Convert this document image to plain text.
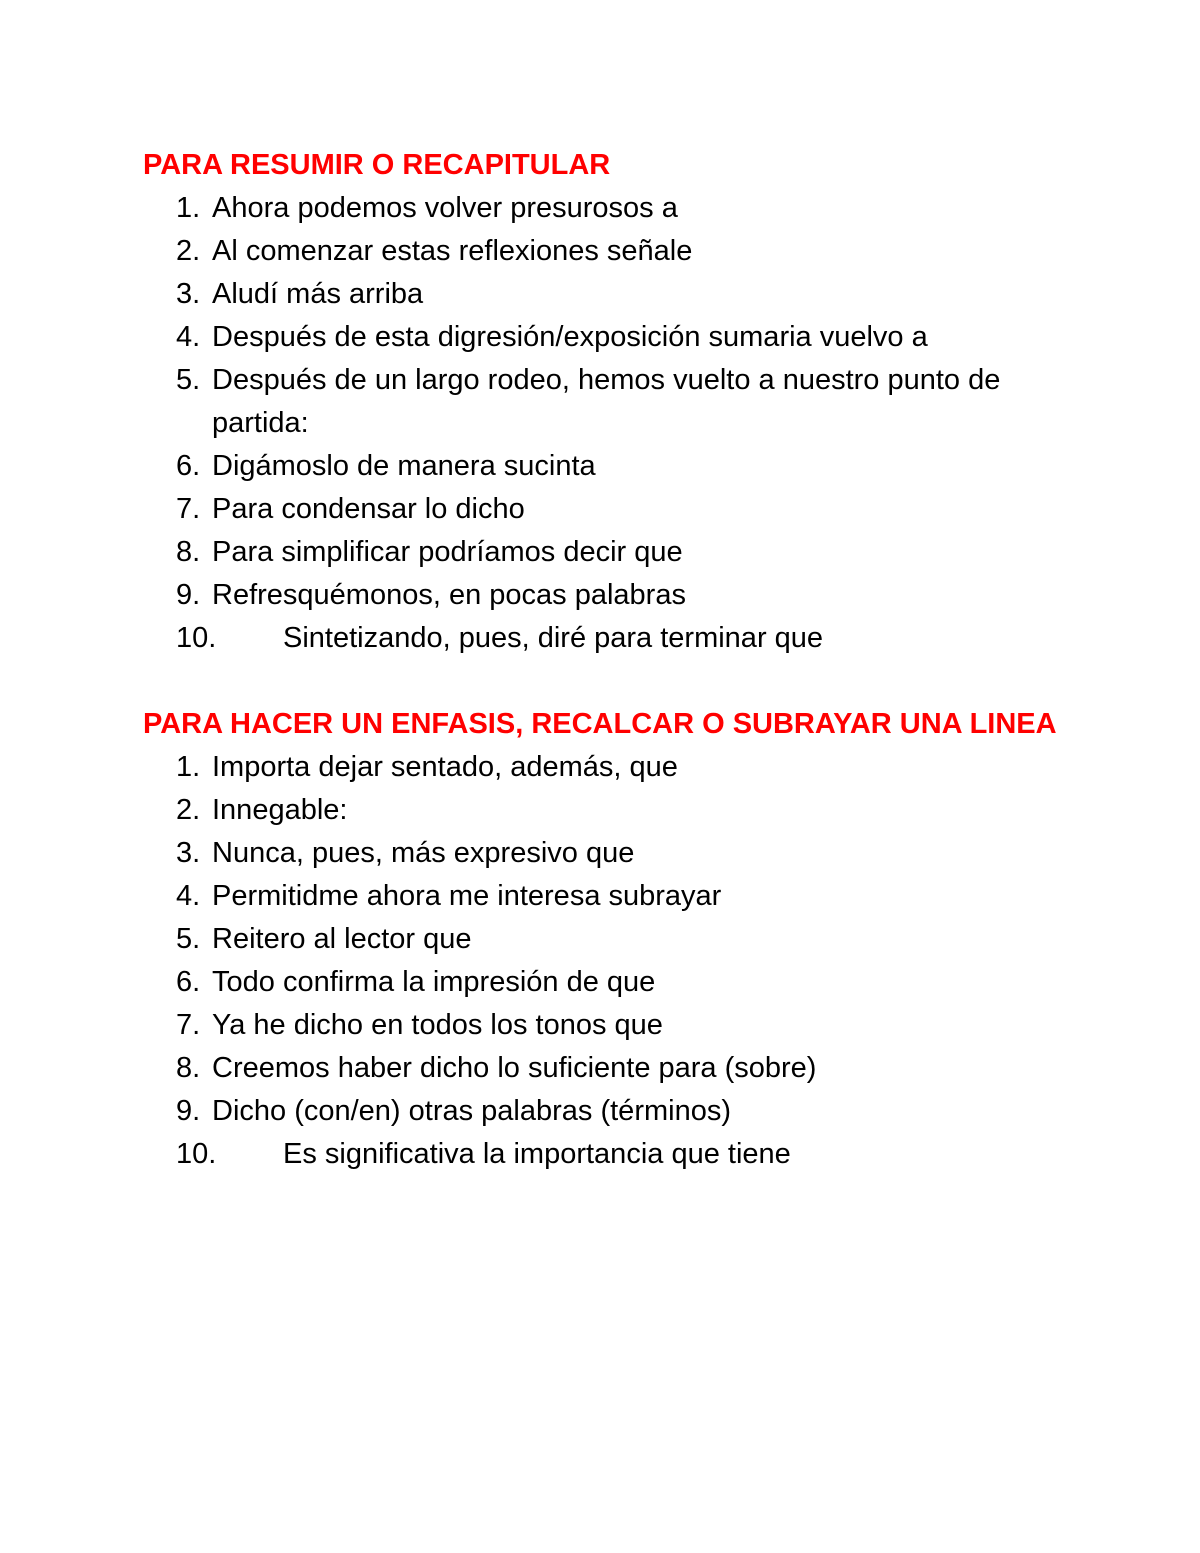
PARA RESUMIR O RECAPITULAR
1. Ahora podemos volver presurosos a
2. Al comenzar estas reflexiones señale
3. Aludí más arriba
4. Después de esta digresión/exposición sumaria vuelvo a
5. Después de un largo rodeo, hemos vuelto a nuestro punto de partida:
6. Digámoslo de manera sucinta
7. Para condensar lo dicho
8. Para simplificar podríamos decir que
9. Refresquémonos, en pocas palabras
10. Sintetizando, pues, diré para terminar que
PARA HACER UN ENFASIS, RECALCAR O SUBRAYAR UNA LINEA
1. Importa dejar sentado, además, que
2. Innegable:
3. Nunca, pues, más expresivo que
4. Permitidme ahora me interesa subrayar
5. Reitero al lector que
6. Todo confirma la impresión de que
7. Ya he dicho en todos los tonos que
8. Creemos haber dicho lo suficiente para (sobre)
9. Dicho (con/en) otras palabras (términos)
10. Es significativa la importancia que tiene
